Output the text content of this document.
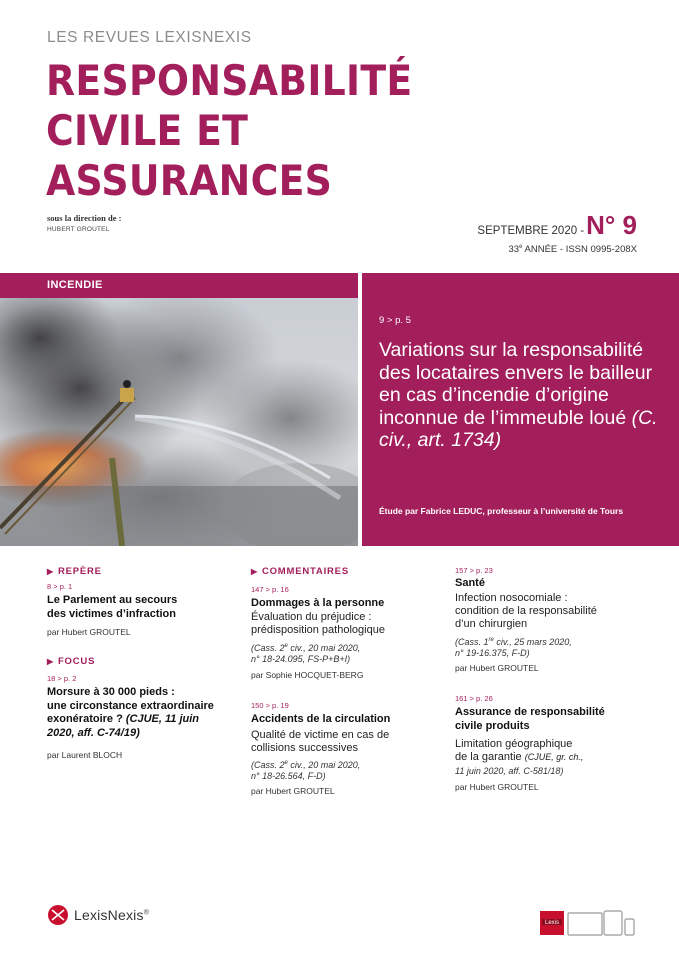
LES REVUES LEXISNEXIS
RESPONSABILITÉ
CIVILE ET
ASSURANCES
sous la direction de :
HUBERT GROUTEL	SEPTEMBRE 2020 - N° 9
33e ANNÉE - ISSN 0995-208X
INCENDIE
9 > p. 5
Variations sur la responsabilité des locataires envers le bailleur en cas d’incendie d’origine inconnue de l’immeuble loué (C. civ., art. 1734)
Étude par Fabrice LEDUC, professeur à l’université de Tours
▶ REPÈRE
8 > p. 1
Le Parlement au secours
des victimes d’infraction
par Hubert GROUTEL
▶ FOCUS
18 > p. 2
Morsure à 30 000 pieds :
une circonstance extraordinaire
exonératoire ? (CJUE, 11 juin
2020, aff. C-74/19)
par Laurent BLOCH
▶ COMMENTAIRES
147 > p. 16
Dommages à la personne
Évaluation du préjudice :
prédisposition pathologique
(Cass. 2e civ., 20 mai 2020,
n° 18-24.095, FS-P+B+I)
par Sophie HOCQUET-BERG
150 > p. 19
Accidents de la circulation
Qualité de victime en cas de
collisions successives
(Cass. 2e civ., 20 mai 2020,
n° 18-26.564, F-D)
par Hubert GROUTEL
157 > p. 23
Santé
Infection nosocomiale :
condition de la responsabilité
d’un chirurgien
(Cass. 1re civ., 25 mars 2020,
n° 19-16.375, F-D)
par Hubert GROUTEL
161 > p. 26
Assurance de responsabilité
civile produits
Limitation géographique
de la garantie (CJUE, gr. ch.,
11 juin 2020, aff. C-581/18)
par Hubert GROUTEL
LexisNexis®
Lexis
